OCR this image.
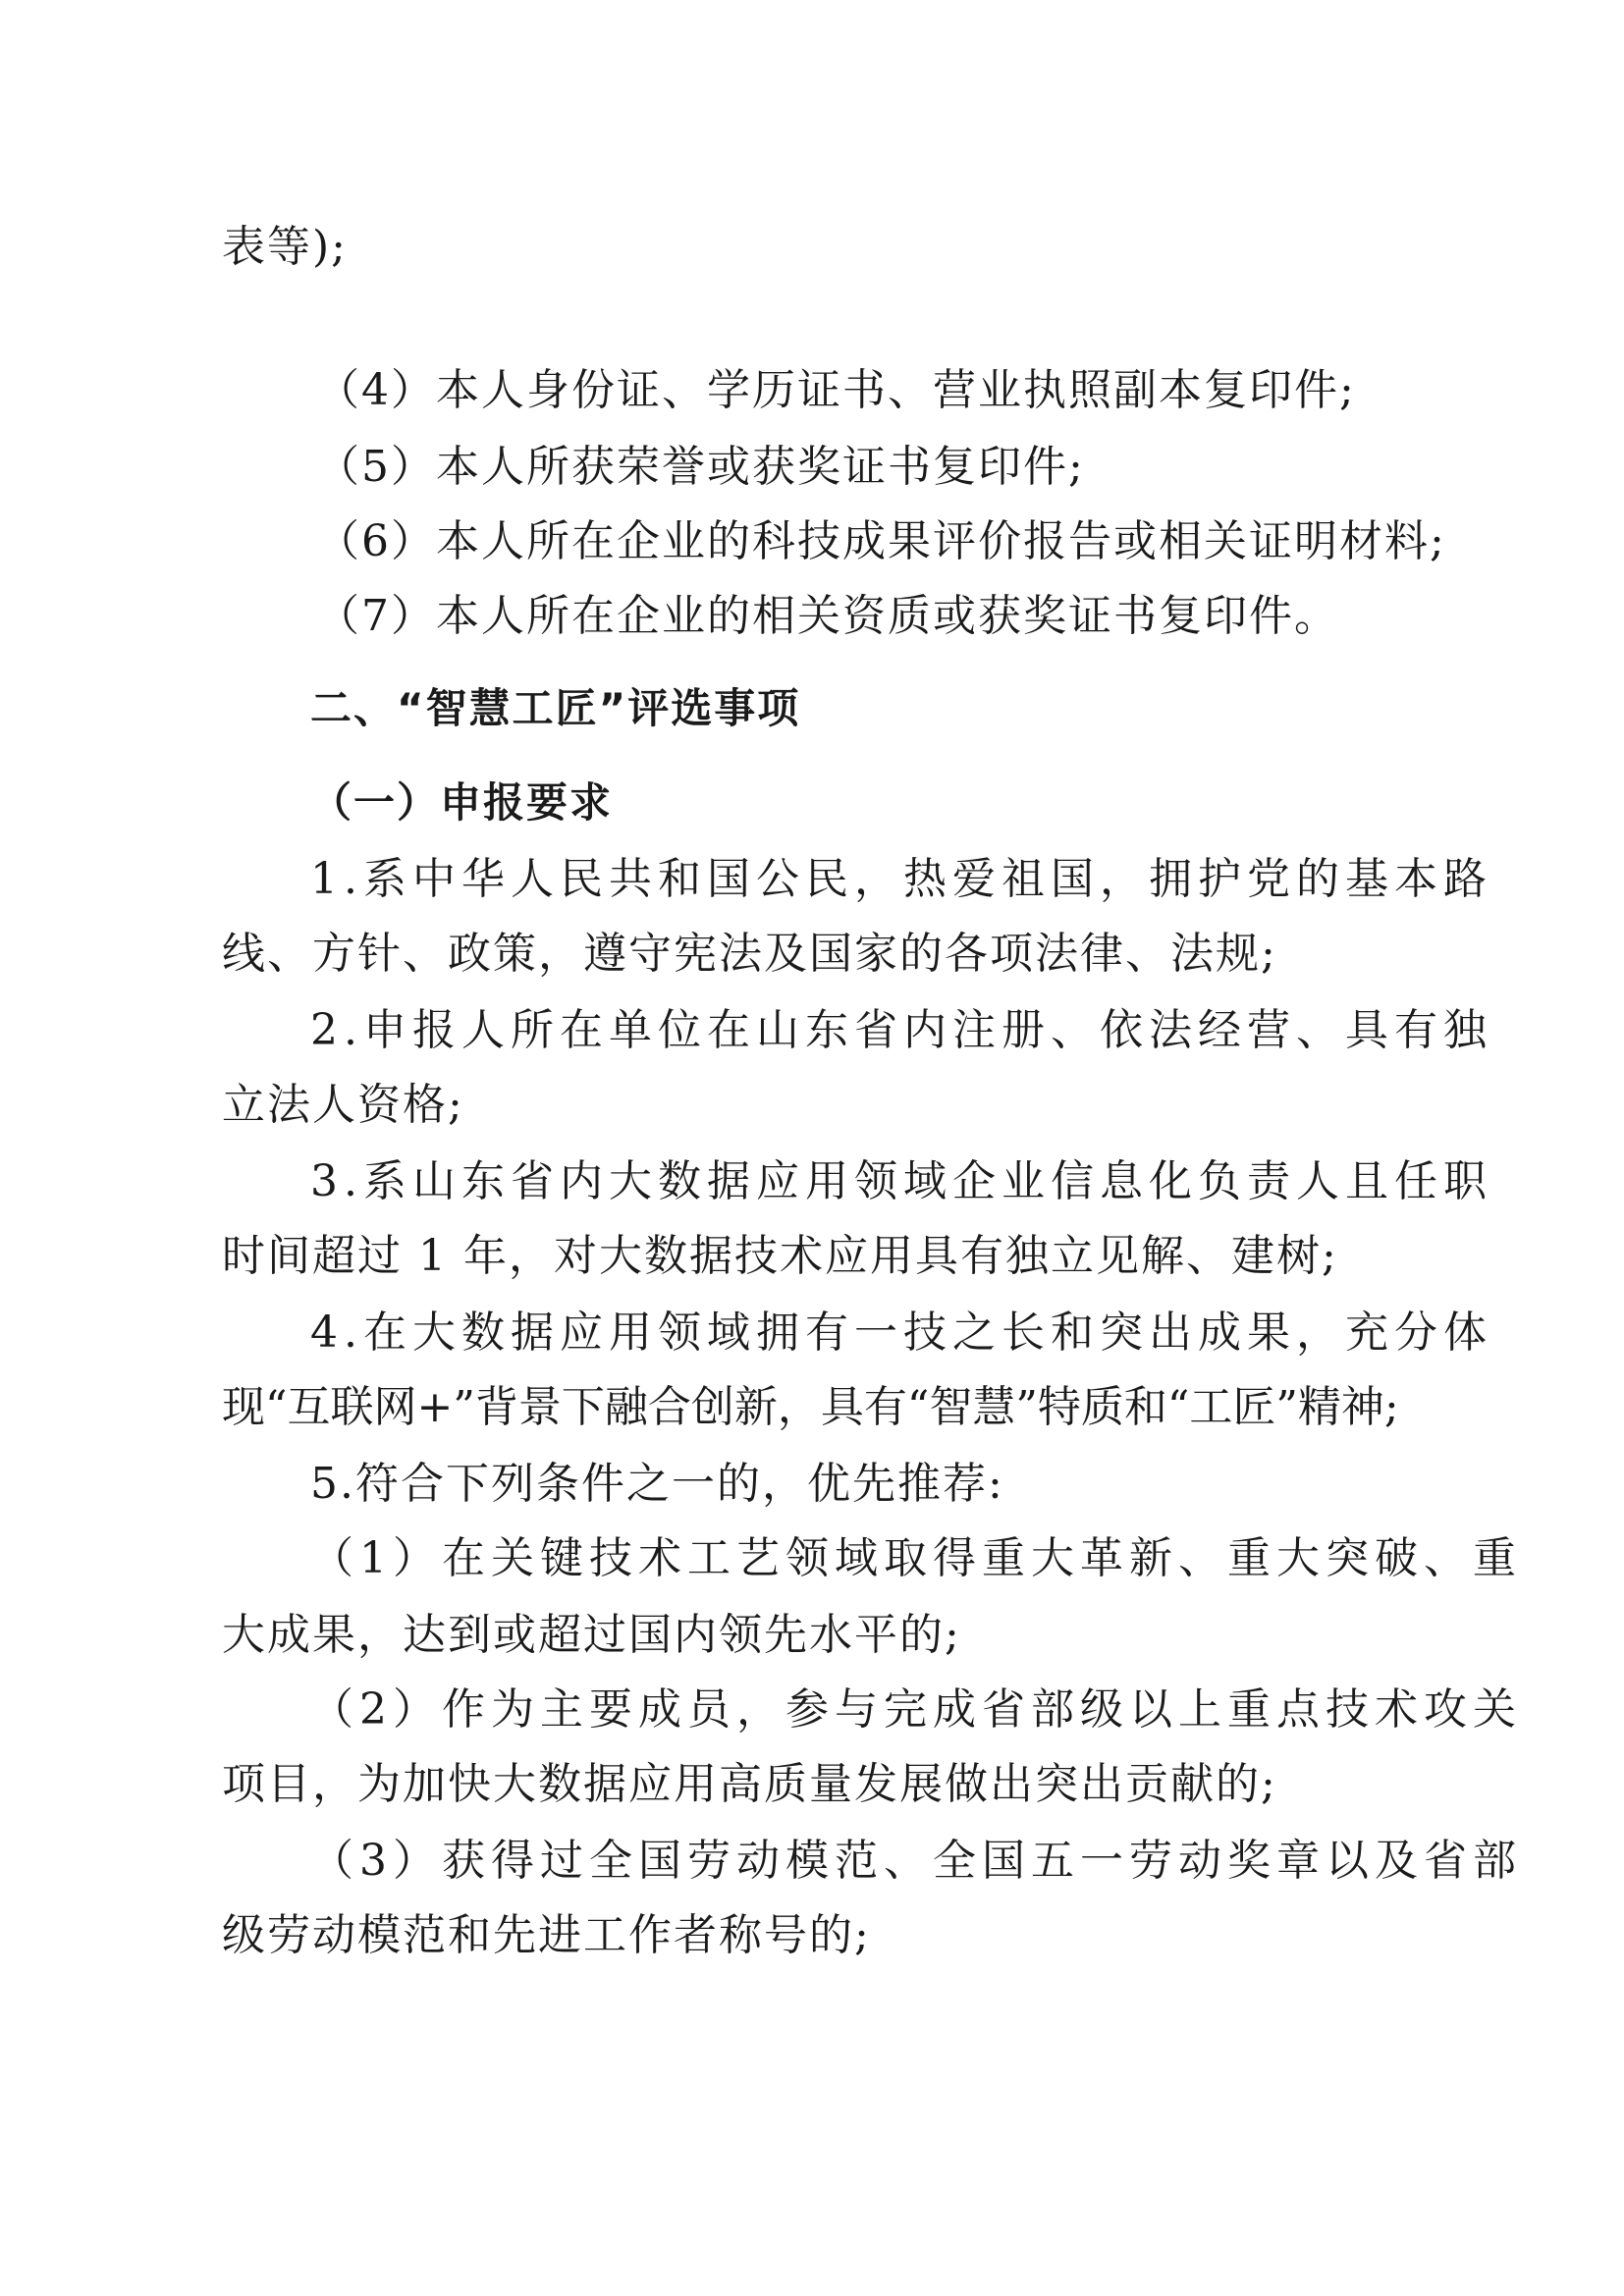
表等);
（4）本人身份证、学历证书、营业执照副本复印件;
（5）本人所获荣誉或获奖证书复印件;
（6）本人所在企业的科技成果评价报告或相关证明材料;
（7）本人所在企业的相关资质或获奖证书复印件。
二、“智慧工匠”评选事项
（一）申报要求
1.系中华人民共和国公民，热爱祖国，拥护党的基本路
线、方针、政策，遵守宪法及国家的各项法律、法规;
2.申报人所在单位在山东省内注册、依法经营、具有独
立法人资格;
3.系山东省内大数据应用领域企业信息化负责人且任职
时间超过 1 年，对大数据技术应用具有独立见解、建树;
4.在大数据应用领域拥有一技之长和突出成果，充分体
现“互联网+”背景下融合创新，具有“智慧”特质和“工匠”精神;
5.符合下列条件之一的，优先推荐:
（1）在关键技术工艺领域取得重大革新、重大突破、重
大成果，达到或超过国内领先水平的;
（2）作为主要成员，参与完成省部级以上重点技术攻关
项目，为加快大数据应用高质量发展做出突出贡献的;
（3）获得过全国劳动模范、全国五一劳动奖章以及省部
级劳动模范和先进工作者称号的;
